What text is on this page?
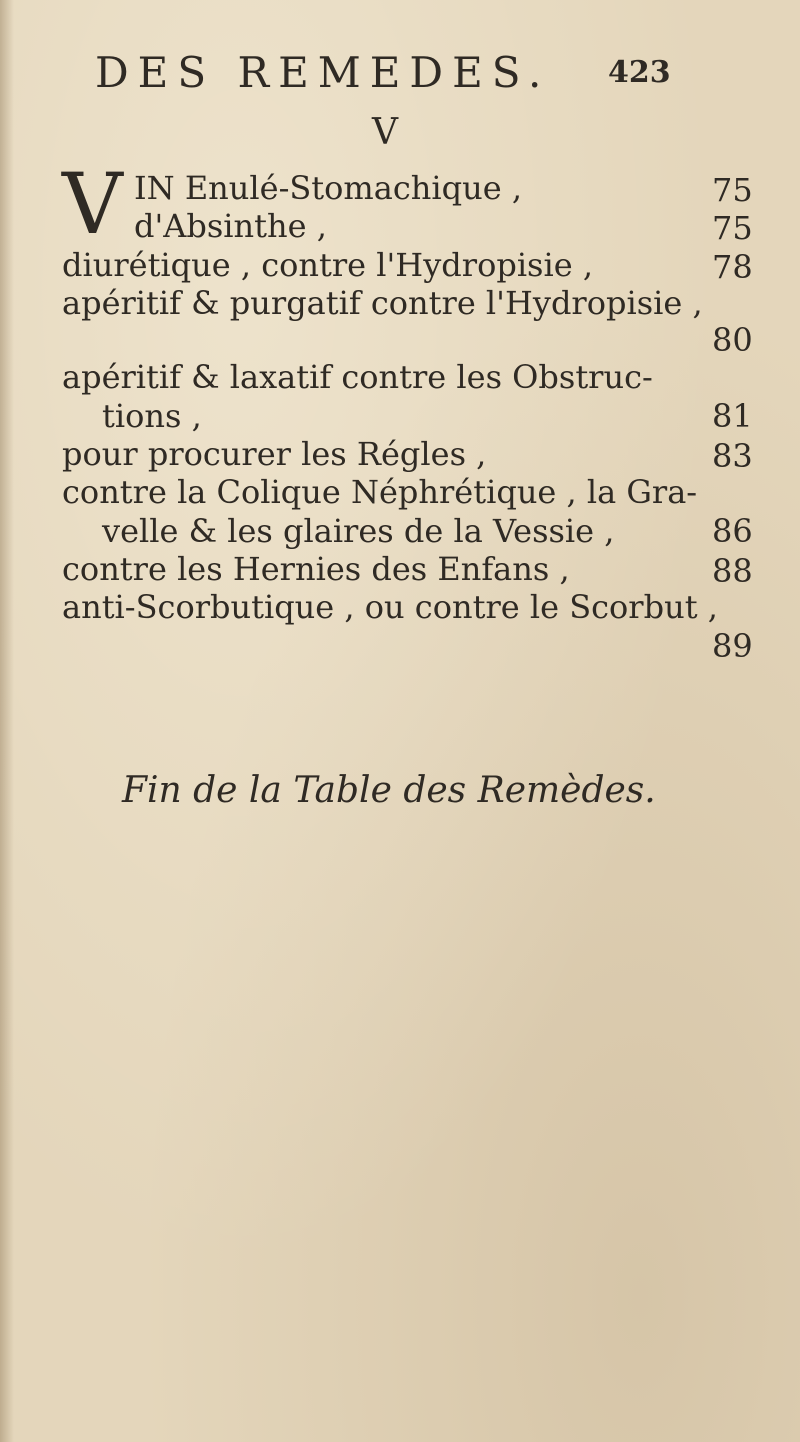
DES REMEDES. 423
V
V IN Enulé-Stomachique ,	75
d'Absinthe ,	75
diurétique , contre l'Hydropisie ,	78
apéritif & purgatif contre l'Hydropisie ,
80
apéritif & laxatif contre les Obstruc-
tions ,	81
pour procurer les Régles ,	83
contre la Colique Néphrétique , la Gra-
velle & les glaires de la Vessie ,	86
contre les Hernies des Enfans ,	88
anti-Scorbutique , ou contre le Scorbut ,
89
Fin de la Table des Remèdes.
